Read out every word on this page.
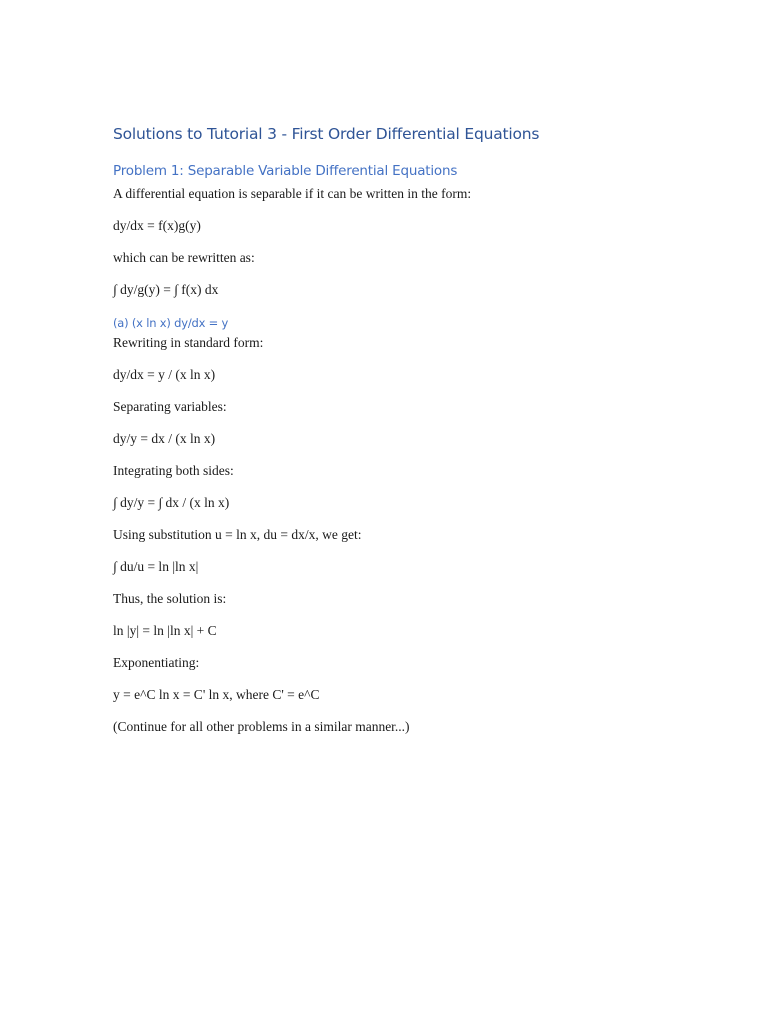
Solutions to Tutorial 3 - First Order Differential Equations
Problem 1: Separable Variable Differential Equations
A differential equation is separable if it can be written in the form:
dy/dx = f(x)g(y)
which can be rewritten as:
∫ dy/g(y) = ∫ f(x) dx
(a) (x ln x) dy/dx = y
Rewriting in standard form:
dy/dx = y / (x ln x)
Separating variables:
dy/y = dx / (x ln x)
Integrating both sides:
∫ dy/y = ∫ dx / (x ln x)
Using substitution u = ln x, du = dx/x, we get:
∫ du/u = ln |ln x|
Thus, the solution is:
ln |y| = ln |ln x| + C
Exponentiating:
y = e^C ln x = C' ln x, where C' = e^C
(Continue for all other problems in a similar manner...)
